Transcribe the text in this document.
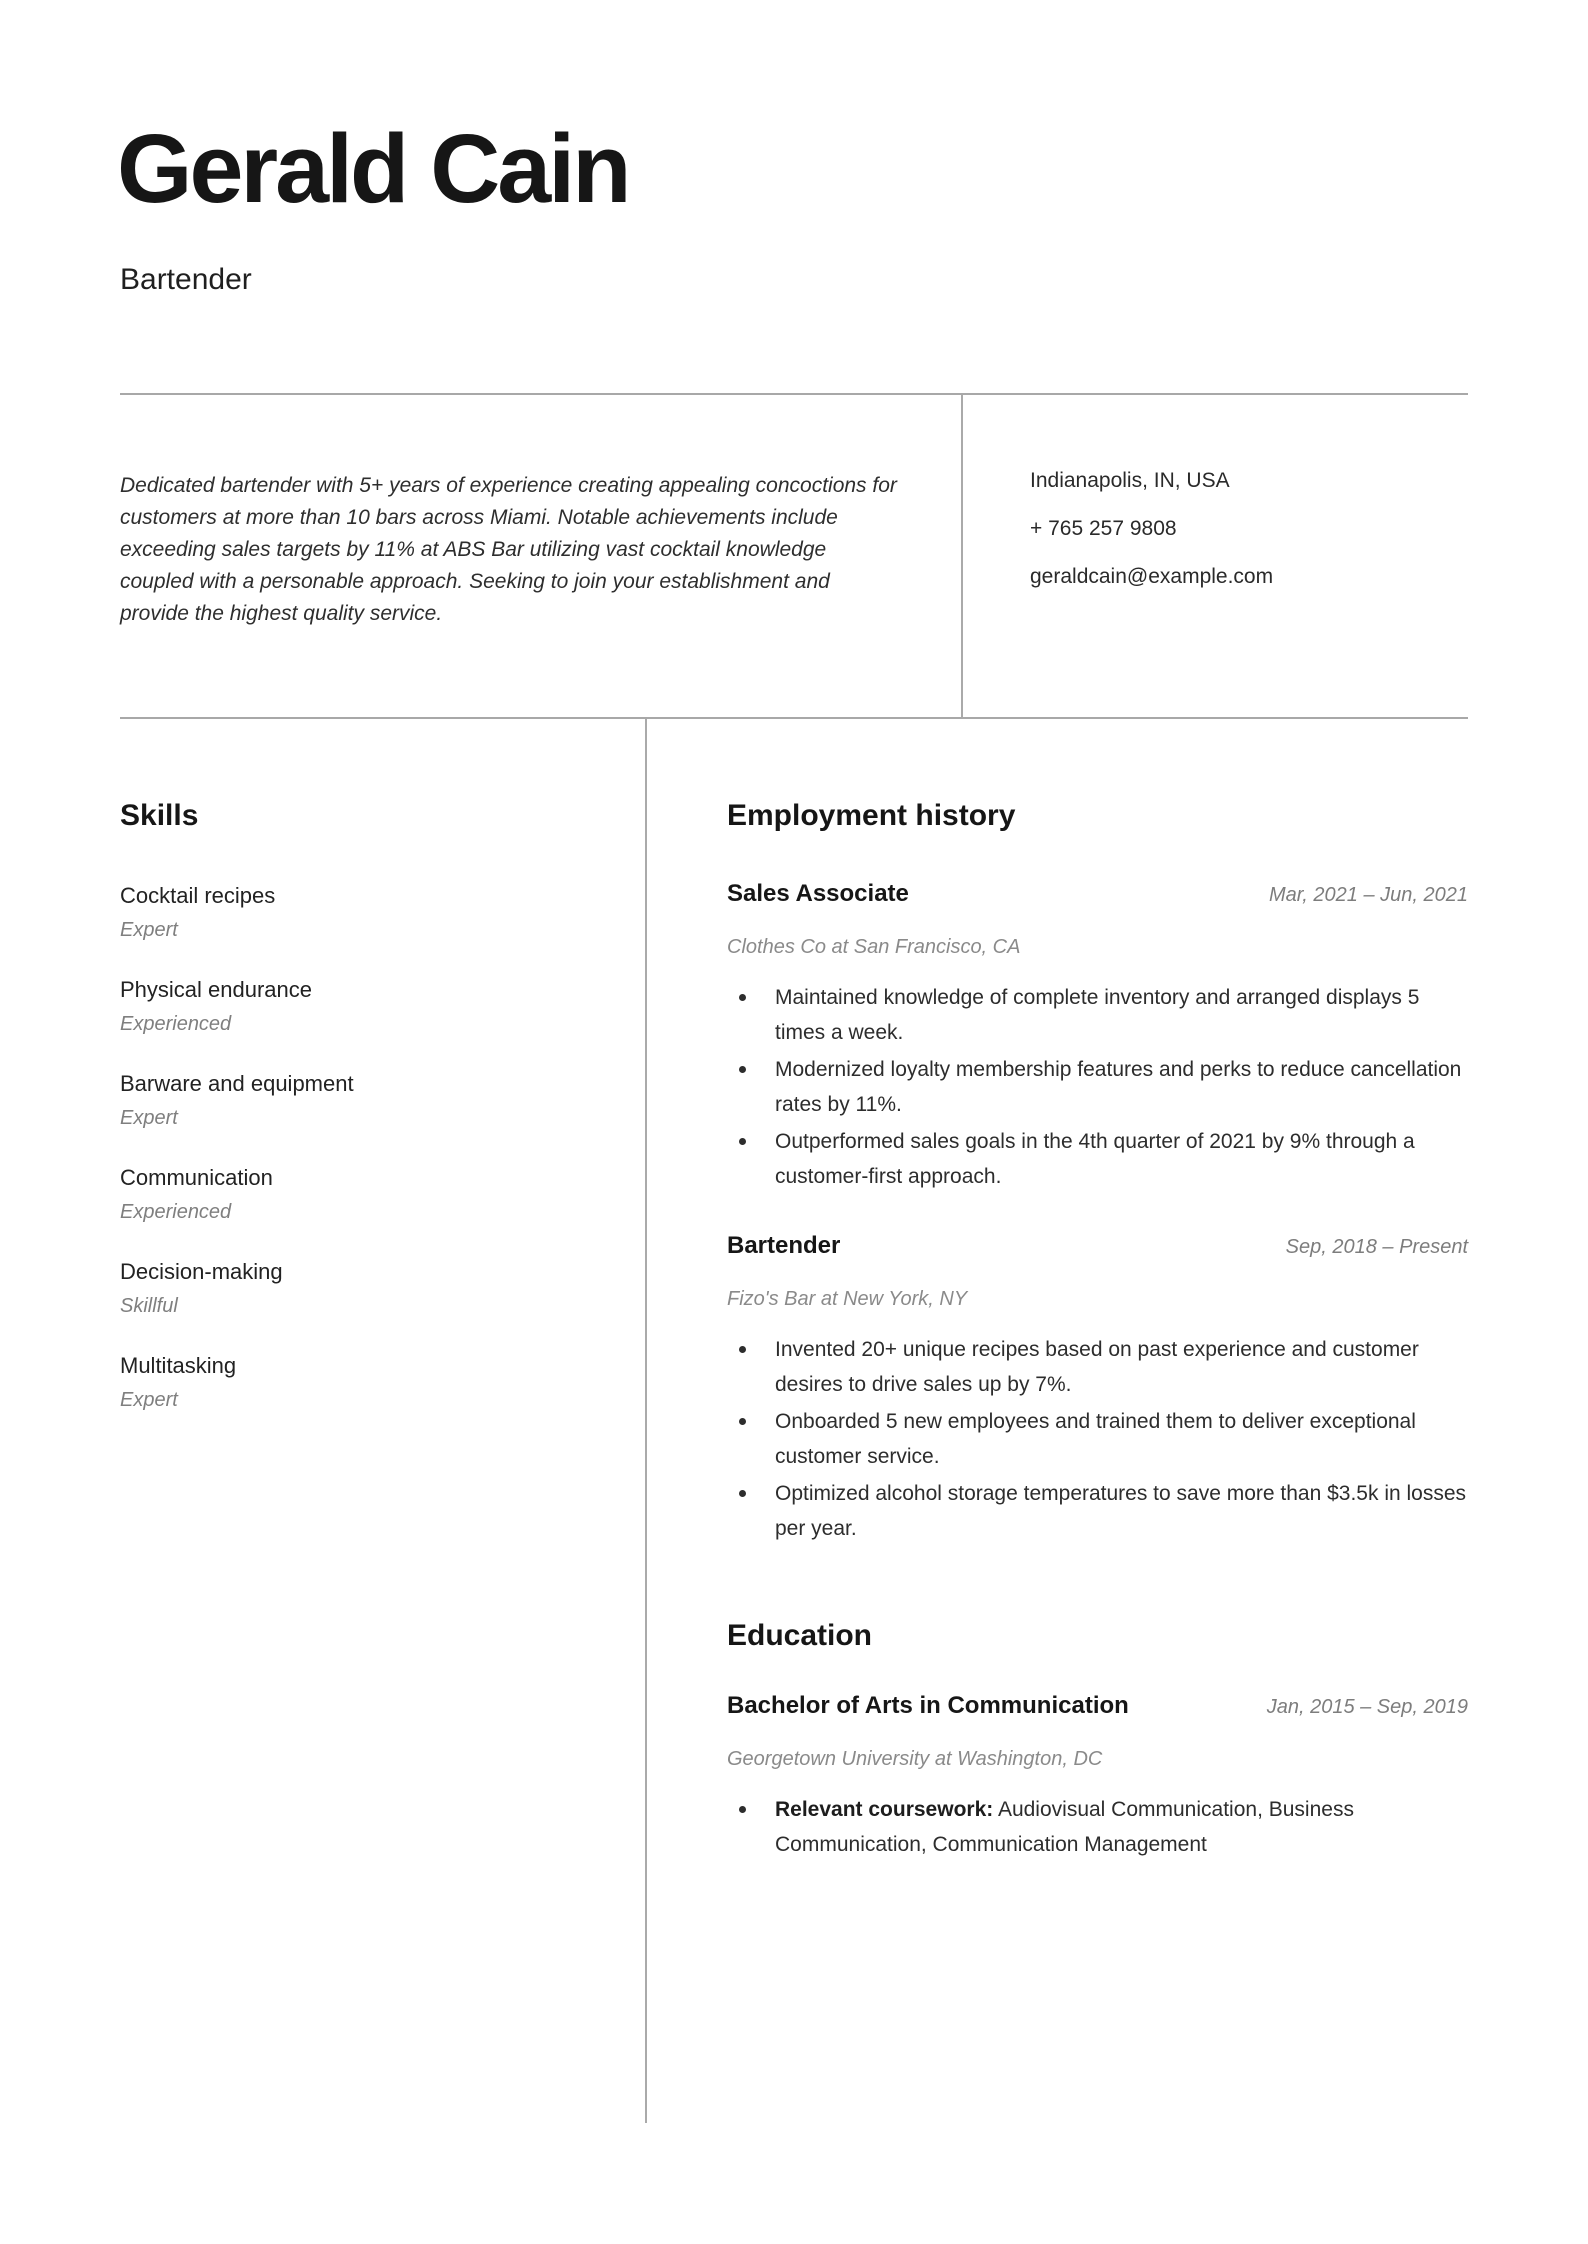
Gerald Cain
Bartender

Dedicated bartender with 5+ years of experience creating appealing concoctions for customers at more than 10 bars across Miami. Notable achievements include exceeding sales targets by 11% at ABS Bar utilizing vast cocktail knowledge coupled with a personable approach. Seeking to join your establishment and provide the highest quality service.

Indianapolis, IN, USA
+ 765 257 9808
geraldcain@example.com
Skills
Cocktail recipes
Expert
Physical endurance
Experienced
Barware and equipment
Expert
Communication
Experienced
Decision-making
Skillful
Multitasking
Expert
Employment history
Sales Associate	Mar, 2021 – Jun, 2021
Clothes Co at San Francisco, CA
Maintained knowledge of complete inventory and arranged displays 5 times a week.
Modernized loyalty membership features and perks to reduce cancellation rates by 11%.
Outperformed sales goals in the 4th quarter of 2021 by 9% through a customer-first approach.
Bartender	Sep, 2018 – Present
Fizo's Bar at New York, NY
Invented 20+ unique recipes based on past experience and customer desires to drive sales up by 7%.
Onboarded 5 new employees and trained them to deliver exceptional customer service.
Optimized alcohol storage temperatures to save more than $3.5k in losses per year.
Education
Bachelor of Arts in Communication	Jan, 2015 – Sep, 2019
Georgetown University at Washington, DC
Relevant coursework: Audiovisual Communication, Business Communication, Communication Management
